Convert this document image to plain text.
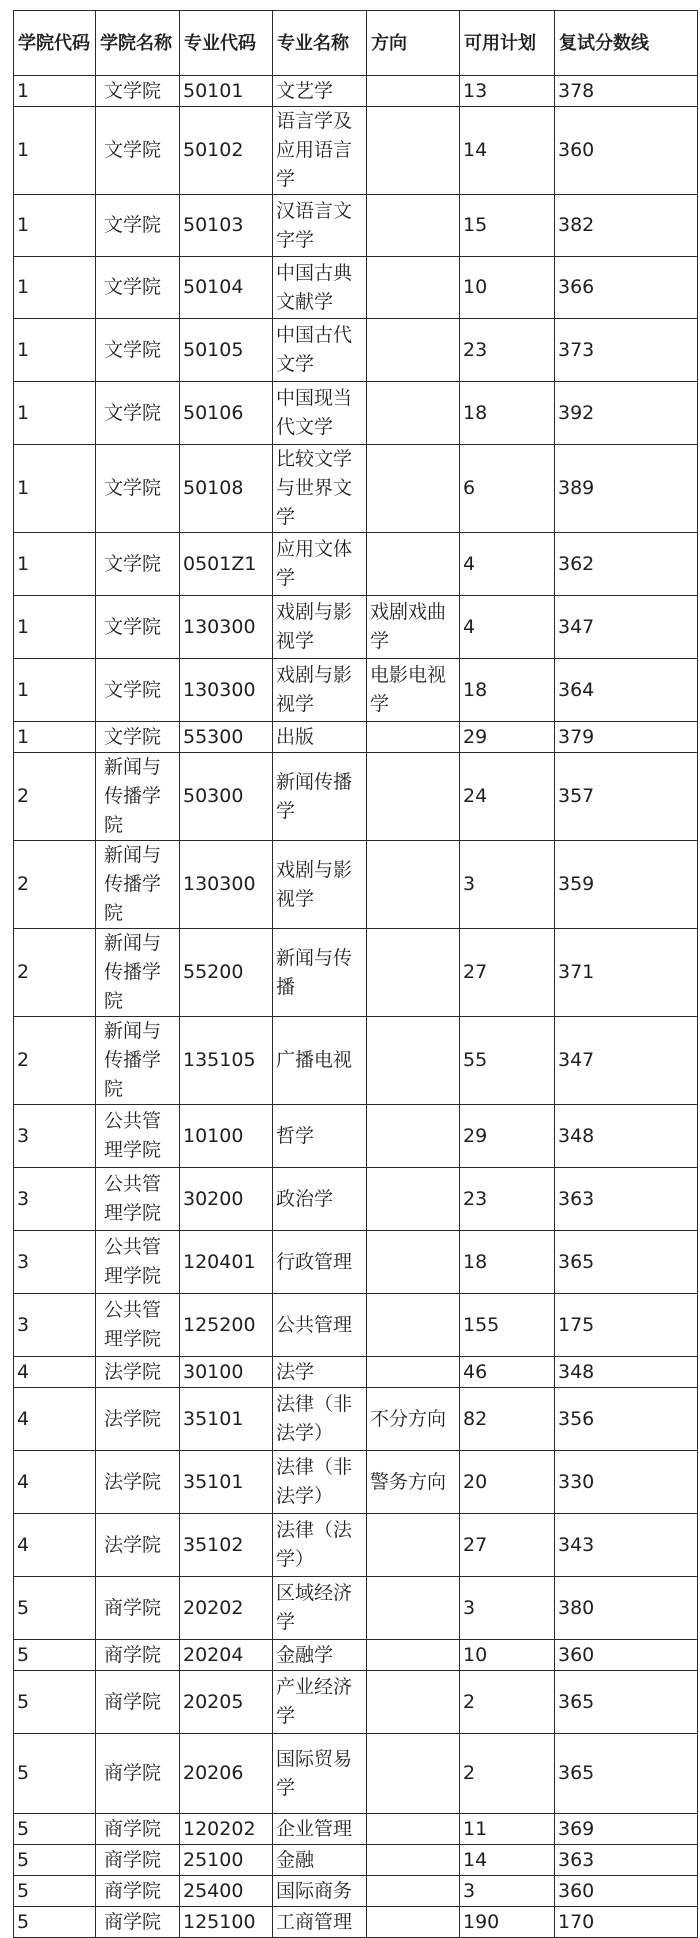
学院代码	学院名称	专业代码	专业名称	方向	可用计划	复试分数线
1	文学院	50101	文艺学		13	378
1	文学院	50102	语言学及应用语言学		14	360
1	文学院	50103	汉语言文字学		15	382
1	文学院	50104	中国古典文献学		10	366
1	文学院	50105	中国古代文学		23	373
1	文学院	50106	中国现当代文学		18	392
1	文学院	50108	比较文学与世界文学		6	389
1	文学院	0501Z1	应用文体学		4	362
1	文学院	130300	戏剧与影视学	戏剧戏曲学	4	347
1	文学院	130300	戏剧与影视学	电影电视学	18	364
1	文学院	55300	出版		29	379
2	新闻与传播学院	50300	新闻传播学		24	357
2	新闻与传播学院	130300	戏剧与影视学		3	359
2	新闻与传播学院	55200	新闻与传播		27	371
2	新闻与传播学院	135105	广播电视		55	347
3	公共管理学院	10100	哲学		29	348
3	公共管理学院	30200	政治学		23	363
3	公共管理学院	120401	行政管理		18	365
3	公共管理学院	125200	公共管理		155	175
4	法学院	30100	法学		46	348
4	法学院	35101	法律（非法学）	不分方向	82	356
4	法学院	35101	法律（非法学）	警务方向	20	330
4	法学院	35102	法律（法学）		27	343
5	商学院	20202	区域经济学		3	380
5	商学院	20204	金融学		10	360
5	商学院	20205	产业经济学		2	365
5	商学院	20206	国际贸易学		2	365
5	商学院	120202	企业管理		11	369
5	商学院	25100	金融		14	363
5	商学院	25400	国际商务		3	360
5	商学院	125100	工商管理		190	170
